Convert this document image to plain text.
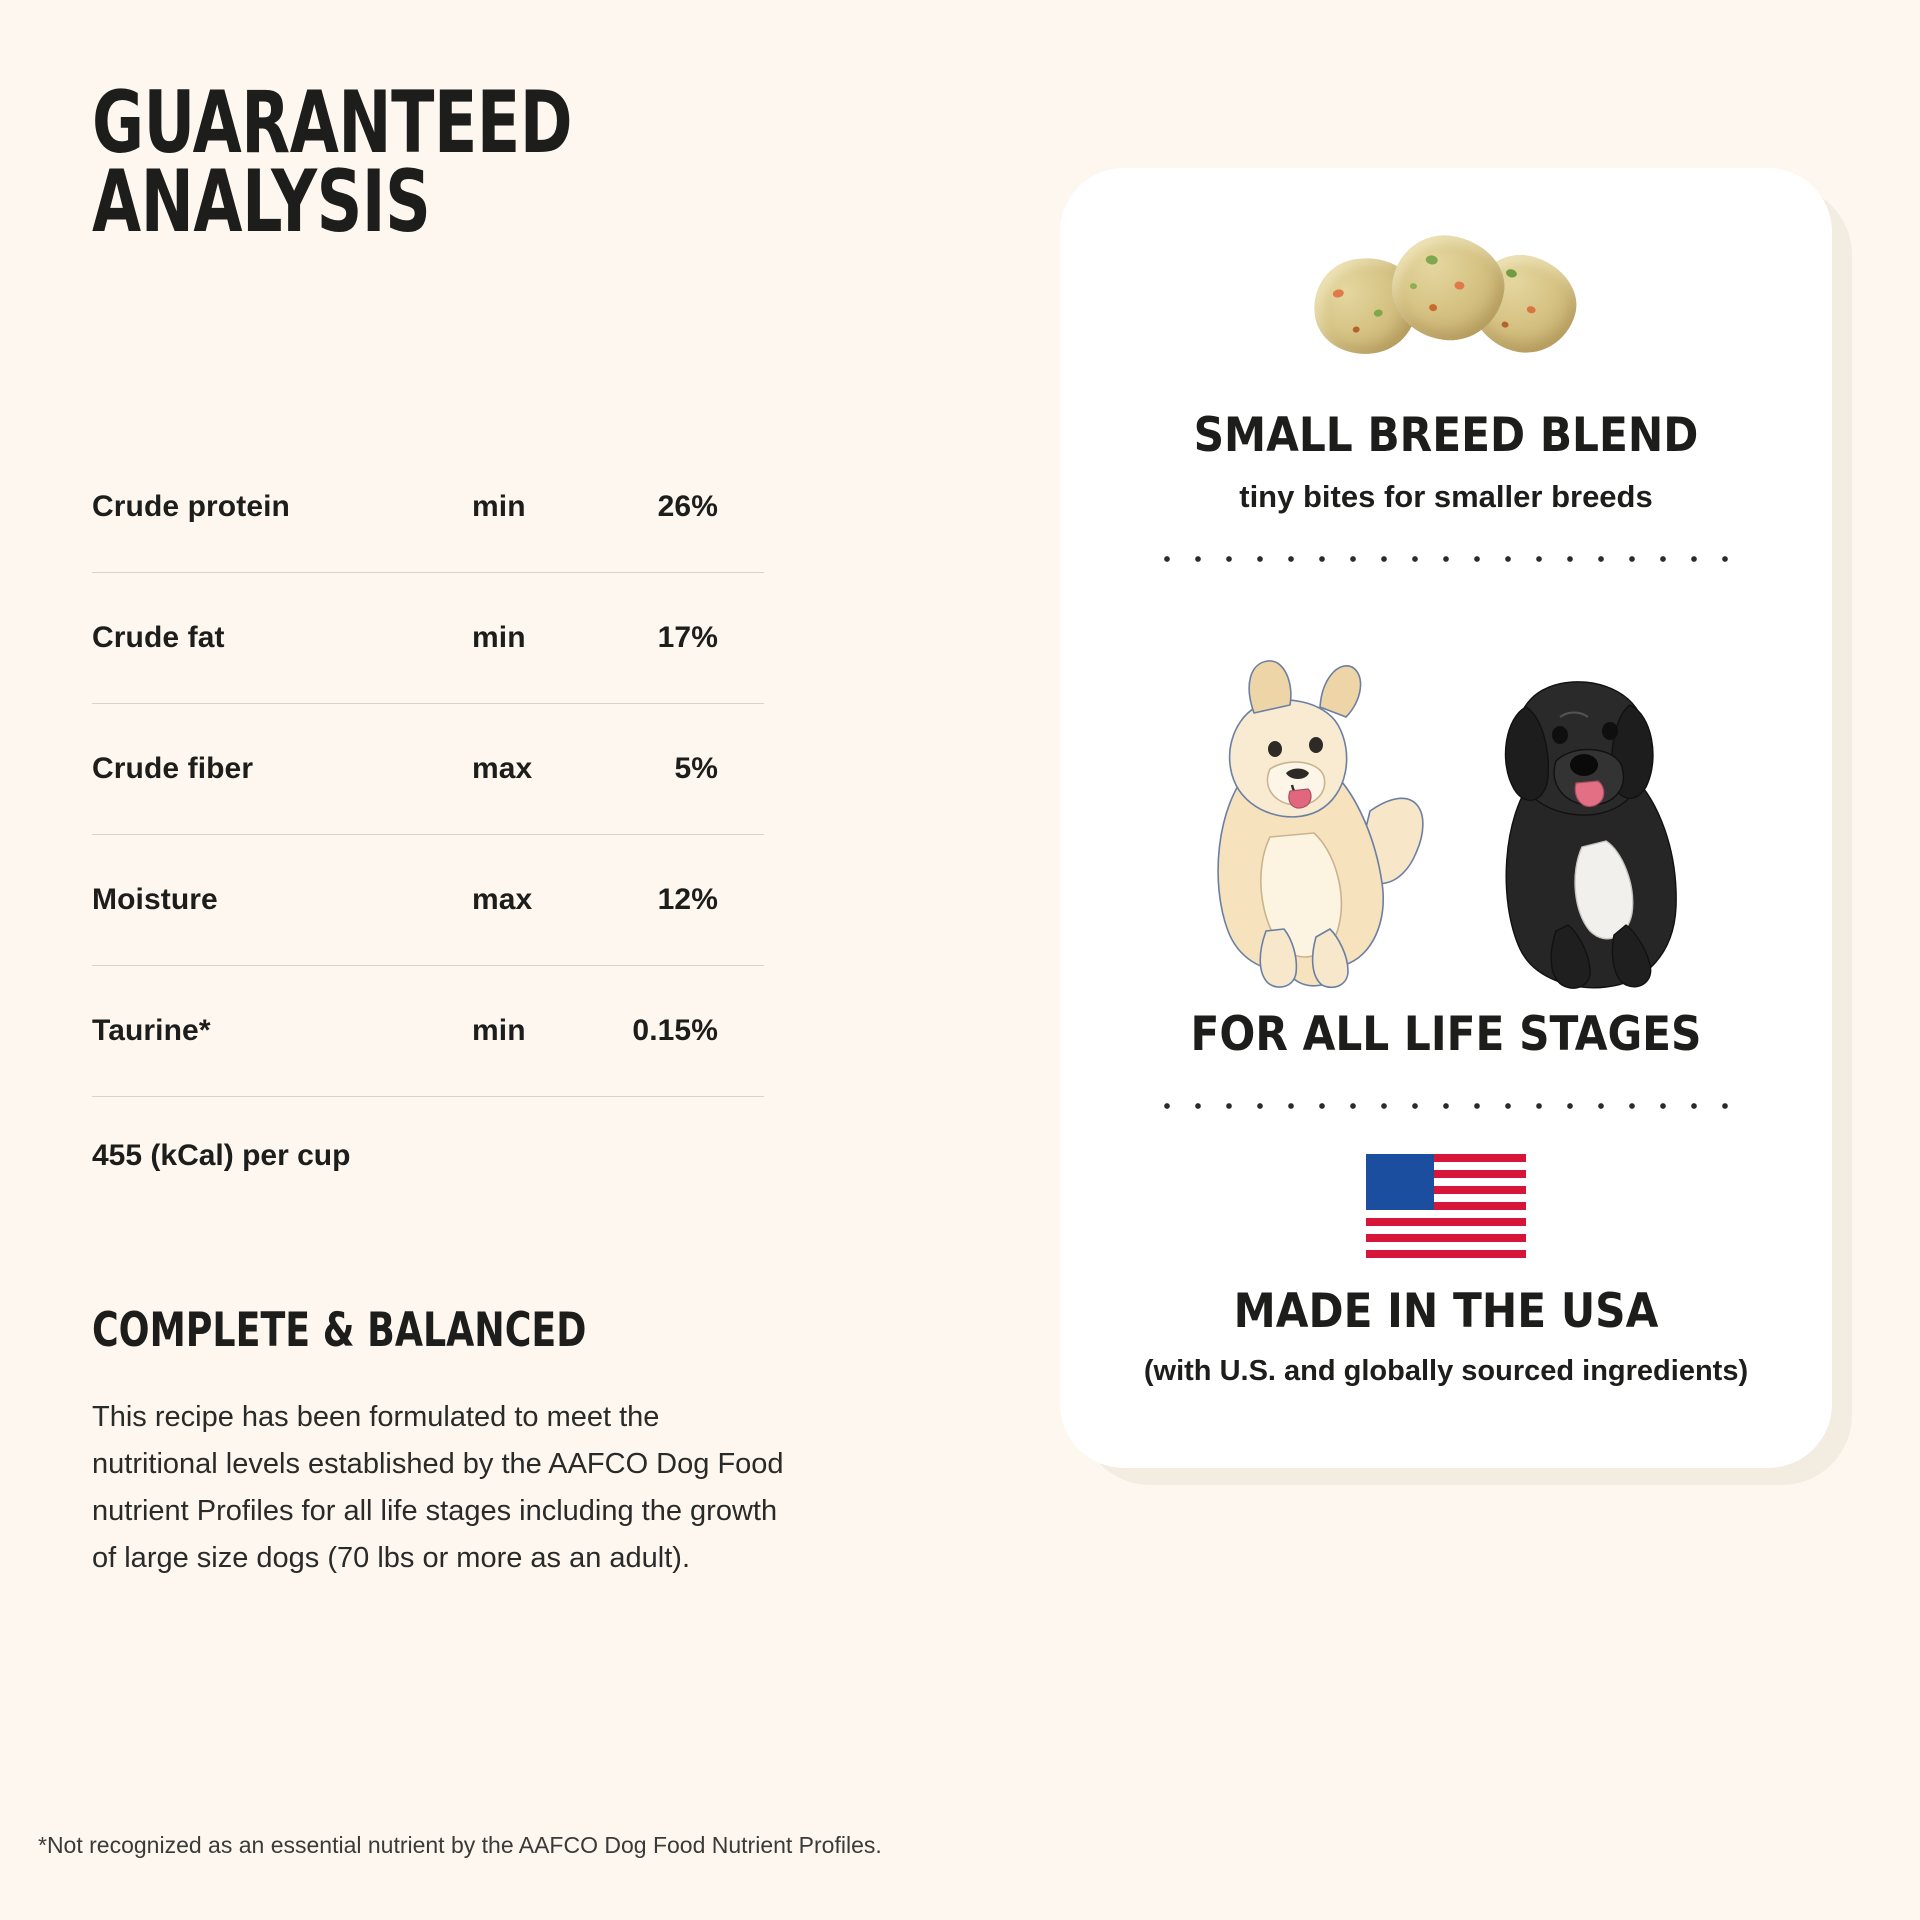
GUARANTEED
ANALYSIS
Crude protein	min	26%
Crude fat	min	17%
Crude fiber	max	5%
Moisture	max	12%
Taurine*	min	0.15%
455 (kCal) per cup
COMPLETE & BALANCED
This recipe has been formulated to meet the nutritional levels established by the AAFCO Dog Food nutrient Profiles for all life stages including the growth of large size dogs (70 lbs or more as an adult).
*Not recognized as an essential nutrient by the AAFCO Dog Food Nutrient Profiles.
SMALL BREED BLEND
tiny bites for smaller breeds
FOR ALL LIFE STAGES
MADE IN THE USA
(with U.S. and globally sourced ingredients)
